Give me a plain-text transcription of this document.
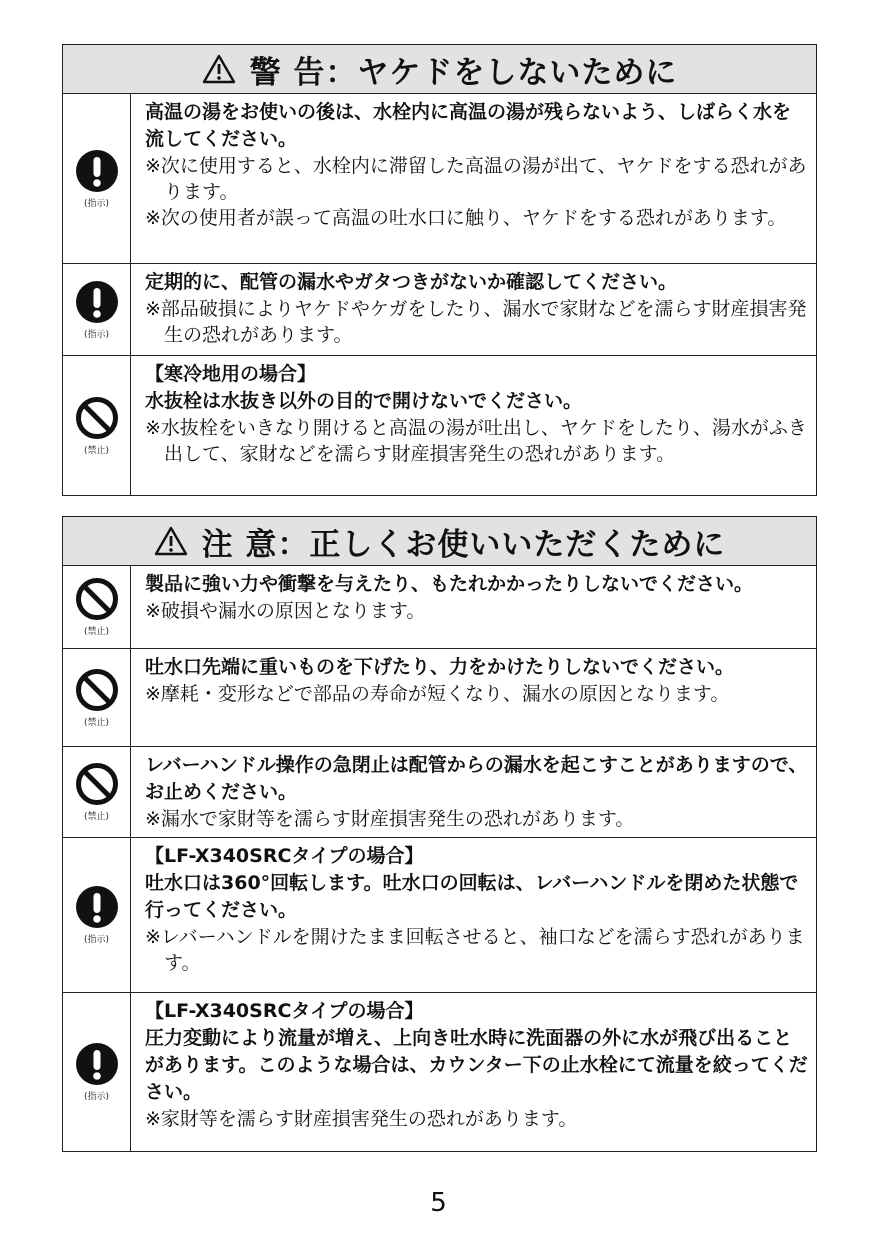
警 告：ヤケドをしないために
(指示)
高温の湯をお使いの後は、水栓内に高温の湯が残らないよう、しばらく水を流してください。
※次に使用すると、水栓内に滞留した高温の湯が出て、ヤケドをする恐れがあります。
※次の使用者が誤って高温の吐水口に触り、ヤケドをする恐れがあります。
(指示)
定期的に、配管の漏水やガタつきがないか確認してください。
※部品破損によりヤケドやケガをしたり、漏水で家財などを濡らす財産損害発生の恐れがあります。
(禁止)
【寒冷地用の場合】
水抜栓は水抜き以外の目的で開けないでください。
※水抜栓をいきなり開けると高温の湯が吐出し、ヤケドをしたり、湯水がふき出して、家財などを濡らす財産損害発生の恐れがあります。
注 意：正しくお使いいただくために
(禁止)
製品に強い力や衝撃を与えたり、もたれかかったりしないでください。
※破損や漏水の原因となります。
(禁止)
吐水口先端に重いものを下げたり、力をかけたりしないでください。
※摩耗・変形などで部品の寿命が短くなり、漏水の原因となります。
(禁止)
レバーハンドル操作の急閉止は配管からの漏水を起こすことがありますので、お止めください。
※漏水で家財等を濡らす財産損害発生の恐れがあります。
(指示)
【LF-X340SRCタイプの場合】
吐水口は360°回転します。吐水口の回転は、レバーハンドルを閉めた状態で行ってください。
※レバーハンドルを開けたまま回転させると、袖口などを濡らす恐れがあります。
(指示)
【LF-X340SRCタイプの場合】
圧力変動により流量が増え、上向き吐水時に洗面器の外に水が飛び出ることがあります。このような場合は、カウンター下の止水栓にて流量を絞ってください。
※家財等を濡らす財産損害発生の恐れがあります。
5
